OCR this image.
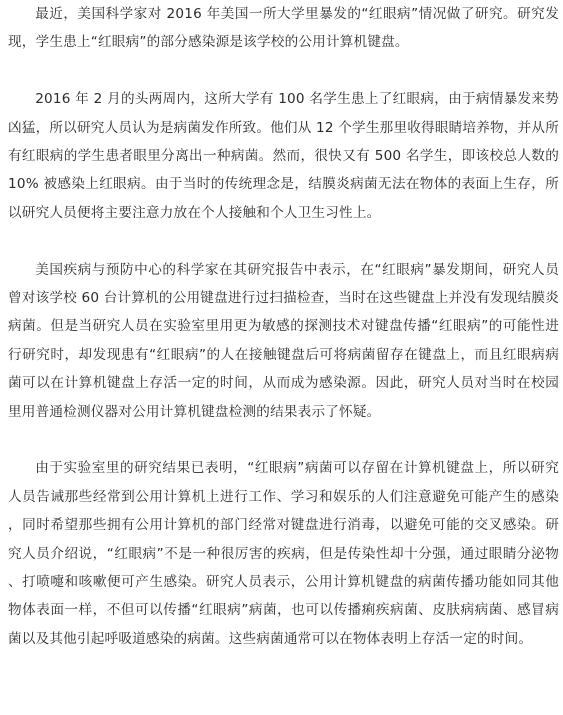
最近，美国科学家对 2016 年美国一所大学里暴发的“红眼病”情况做了研究。研究发现，学生患上“红眼病”的部分感染源是该学校的公用计算机键盘。

2016 年 2 月的头两周内，这所大学有 100 名学生患上了红眼病，由于病情暴发来势凶猛，所以研究人员认为是病菌发作所致。他们从 12 个学生那里收得眼睛培养物，并从所有红眼病的学生患者眼里分离出一种病菌。然而，很快又有 500 名学生，即该校总人数的 10% 被感染上红眼病。由于当时的传统理念是，结膜炎病菌无法在物体的表面上生存，所以研究人员便将主要注意力放在个人接触和个人卫生习性上。

美国疾病与预防中心的科学家在其研究报告中表示，在“红眼病”暴发期间，研究人员曾对该学校 60 台计算机的公用键盘进行过扫描检查，当时在这些键盘上并没有发现结膜炎病菌。但是当研究人员在实验室里用更为敏感的探测技术对键盘传播“红眼病”的可能性进行研究时，却发现患有“红眼病”的人在接触键盘后可将病菌留存在键盘上，而且红眼病病菌可以在计算机键盘上存活一定的时间，从而成为感染源。因此，研究人员对当时在校园里用普通检测仪器对公用计算机键盘检测的结果表示了怀疑。

由于实验室里的研究结果已表明，“红眼病”病菌可以存留在计算机键盘上，所以研究人员告诫那些经常到公用计算机上进行工作、学习和娱乐的人们注意避免可能产生的感染，同时希望那些拥有公用计算机的部门经常对键盘进行消毒，以避免可能的交叉感染。研究人员介绍说，“红眼病”不是一种很厉害的疾病，但是传染性却十分强，通过眼睛分泌物、打喷嚏和咳嗽便可产生感染。研究人员表示，公用计算机键盘的病菌传播功能如同其他物体表面一样，不但可以传播“红眼病”病菌，也可以传播痢疾病菌、皮肤病病菌、感冒病菌以及其他引起呼吸道感染的病菌。这些病菌通常可以在物体表明上存活一定的时间。
